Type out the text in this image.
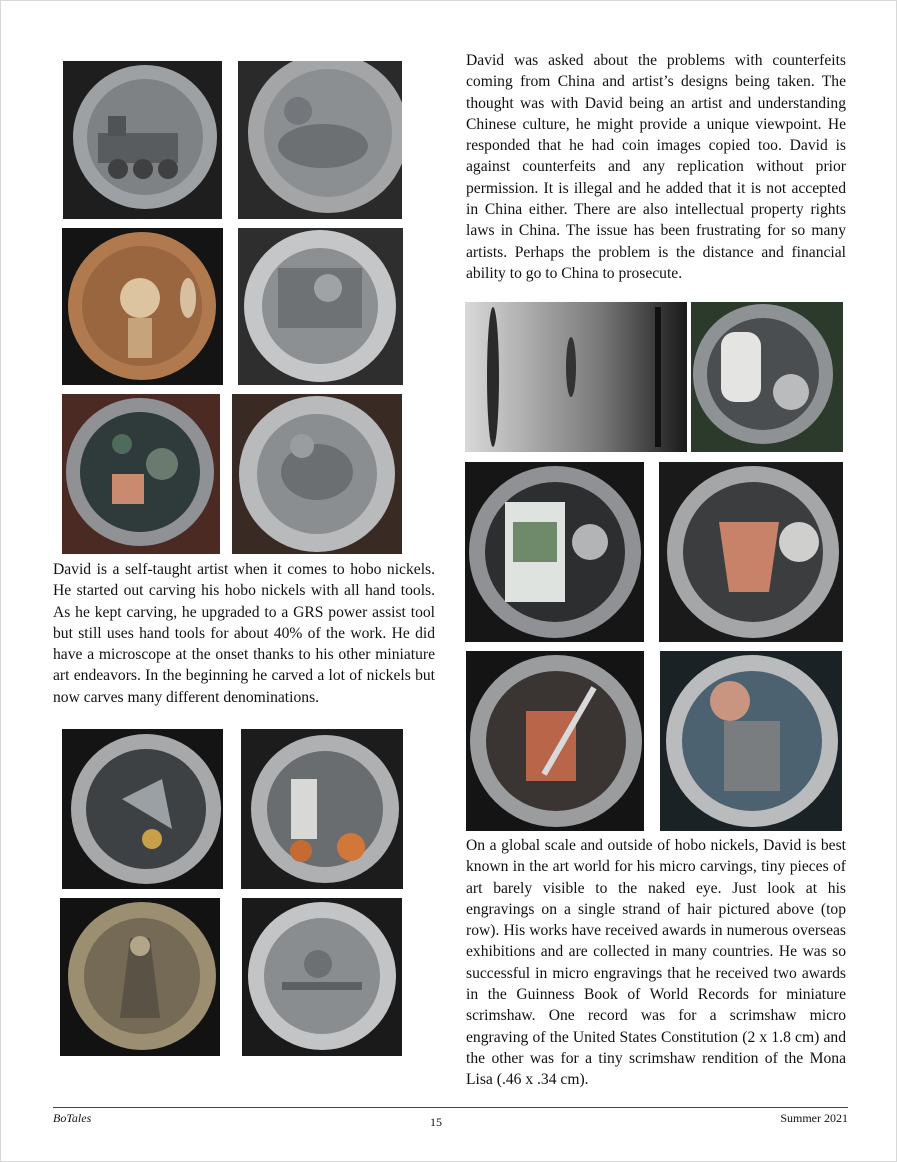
David is a self-taught artist when it comes to hobo nickels. He started out carving his hobo nickels with all hand tools. As he kept carving, he upgraded to a GRS power assist tool but still uses hand tools for about 40% of the work. He did have a microscope at the onset thanks to his other miniature art endeavors. In the beginning he carved a lot of nickels but now carves many different denominations.

David was asked about the problems with counterfeits coming from China and artist’s designs being taken. The thought was with David being an artist and understanding Chinese culture, he might provide a unique viewpoint. He responded that he had coin images copied too. David is against counterfeits and any replication without prior permission. It is illegal and he added that it is not accepted in China either. There are also intellectual property rights laws in China. The issue has been frustrating for so many artists. Perhaps the problem is the distance and financial ability to go to China to prosecute.

On a global scale and outside of hobo nickels, David is best known in the art world for his micro carvings, tiny pieces of art barely visible to the naked eye. Just look at his engravings on a single strand of hair pictured above (top row). His works have received awards in numerous overseas exhibitions and are collected in many countries. He was so successful in micro engravings that he received two awards in the Guinness Book of World Records for miniature scrimshaw. One record was for a scrimshaw micro engraving of the United States Constitution (2 x 1.8 cm) and the other was for a tiny scrimshaw rendition of the Mona Lisa (.46 x .34 cm).

BoTales	15	Summer 2021
